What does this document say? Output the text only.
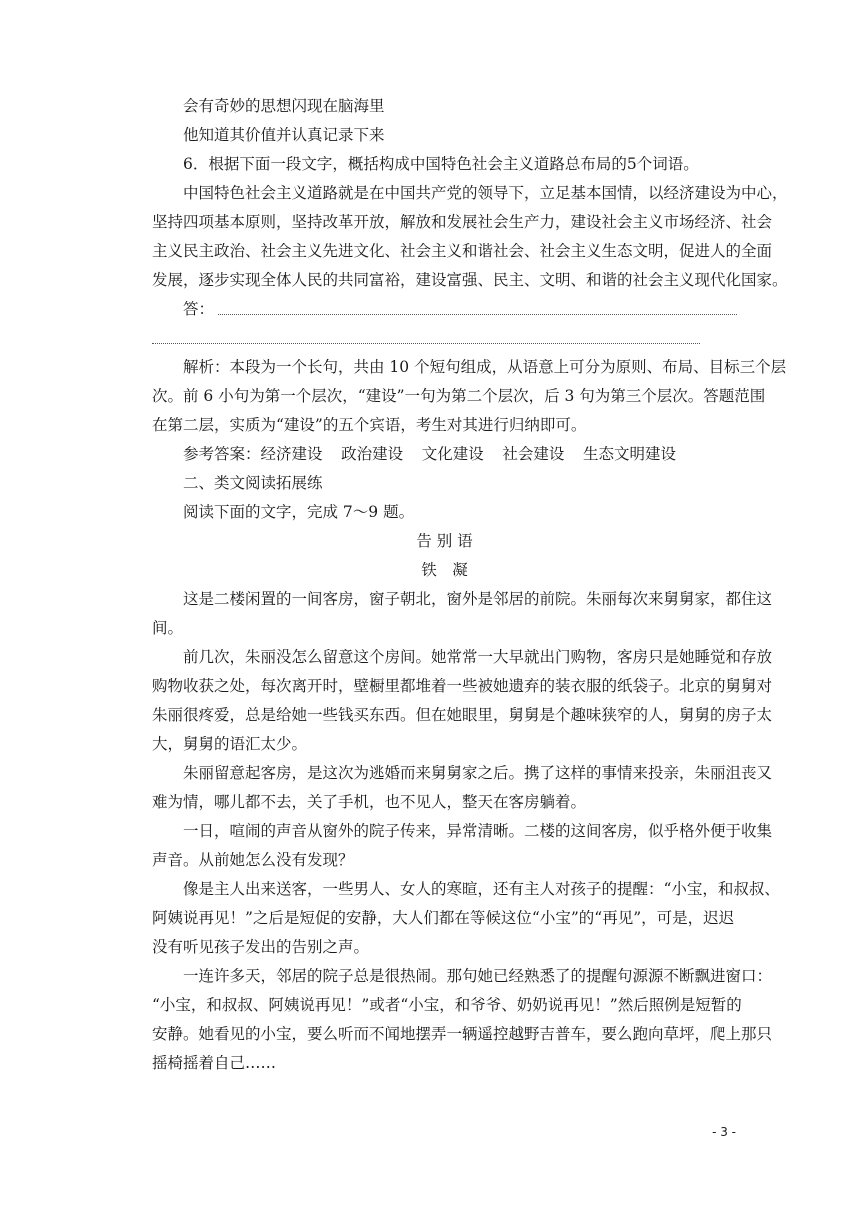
会有奇妙的思想闪现在脑海里

他知道其价值并认真记录下来

6．根据下面一段文字，概括构成中国特色社会主义道路总布局的5个词语。

中国特色社会主义道路就是在中国共产党的领导下，立足基本国情，以经济建设为中心，
坚持四项基本原则，坚持改革开放，解放和发展社会生产力，建设社会主义市场经济、社会
主义民主政治、社会主义先进文化、社会主义和谐社会、社会主义生态文明，促进人的全面
发展，逐步实现全体人民的共同富裕，建设富强、民主、文明、和谐的社会主义现代化国家。

答：

解析：本段为一个长句，共由 10 个短句组成，从语意上可分为原则、布局、目标三个层
次。前 6 小句为第一个层次，“建设”一句为第二个层次，后 3 句为第三个层次。答题范围
在第二层，实质为“建设”的五个宾语，考生对其进行归纳即可。

参考答案：经济建设 政治建设 文化建设 社会建设 生态文明建设

二、类文阅读拓展练

阅读下面的文字，完成 7～9 题。

告 别 语

铁　凝

这是二楼闲置的一间客房，窗子朝北，窗外是邻居的前院。朱丽每次来舅舅家，都住这
间。

前几次，朱丽没怎么留意这个房间。她常常一大早就出门购物，客房只是她睡觉和存放
购物收获之处，每次离开时，壁橱里都堆着一些被她遗弃的装衣服的纸袋子。北京的舅舅对
朱丽很疼爱，总是给她一些钱买东西。但在她眼里，舅舅是个趣味狭窄的人，舅舅的房子太
大，舅舅的语汇太少。

朱丽留意起客房，是这次为逃婚而来舅舅家之后。携了这样的事情来投亲，朱丽沮丧又
难为情，哪儿都不去，关了手机，也不见人，整天在客房躺着。

一日，喧闹的声音从窗外的院子传来，异常清晰。二楼的这间客房，似乎格外便于收集
声音。从前她怎么没有发现？

像是主人出来送客，一些男人、女人的寒暄，还有主人对孩子的提醒：“小宝，和叔叔、
阿姨说再见！”之后是短促的安静，大人们都在等候这位“小宝”的“再见”，可是，迟迟
没有听见孩子发出的告别之声。

一连许多天，邻居的院子总是很热闹。那句她已经熟悉了的提醒句源源不断飘进窗口：
“小宝，和叔叔、阿姨说再见！”或者“小宝，和爷爷、奶奶说再见！”然后照例是短暂的
安静。她看见的小宝，要么听而不闻地摆弄一辆遥控越野吉普车，要么跑向草坪，爬上那只
摇椅摇着自己……

- 3 -
